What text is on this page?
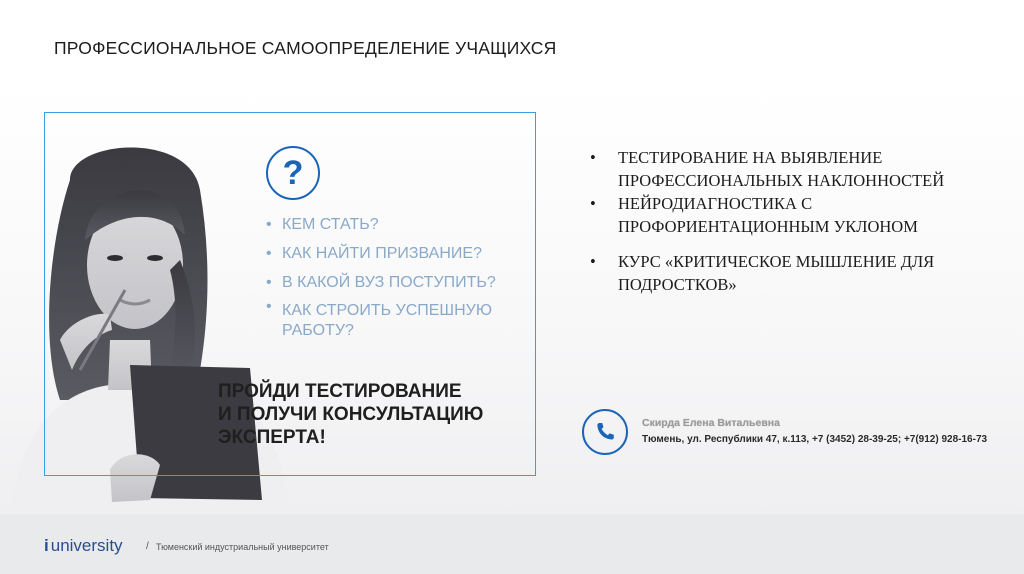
ПРОФЕССИОНАЛЬНОЕ САМООПРЕДЕЛЕНИЕ УЧАЩИХСЯ
?
• КЕМ СТАТЬ?
• КАК НАЙТИ ПРИЗВАНИЕ?
• В КАКОЙ ВУЗ ПОСТУПИТЬ?
• КАК СТРОИТЬ УСПЕШНУЮ РАБОТУ?
ПРОЙДИ ТЕСТИРОВАНИЕ
И ПОЛУЧИ КОНСУЛЬТАЦИЮ
ЭКСПЕРТА!
• ТЕСТИРОВАНИЕ НА ВЫЯВЛЕНИЕ ПРОФЕССИОНАЛЬНЫХ НАКЛОННОСТЕЙ
• НЕЙРОДИАГНОСТИКА С ПРОФОРИЕНТАЦИОННЫМ УКЛОНОМ
• КУРС «КРИТИЧЕСКОЕ МЫШЛЕНИЕ ДЛЯ ПОДРОСТКОВ»
Скирда Елена Витальевна
Тюмень, ул. Республики 47, к.113, +7 (3452) 28-39-25; +7(912) 928-16-73
i university / Тюменский индустриальный университет
